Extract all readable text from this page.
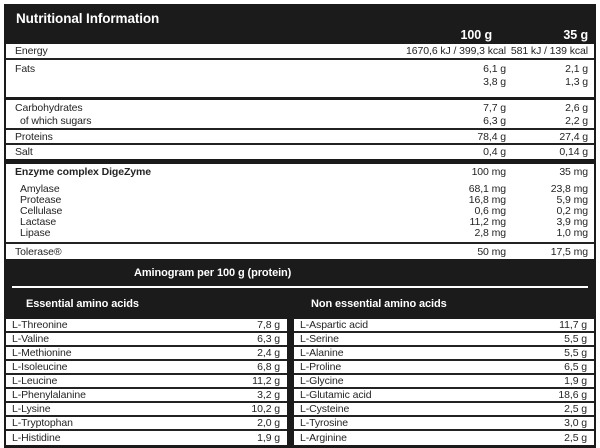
Nutritional Information
100 g	35 g
Energy	1670,6 kJ / 399,3 kcal 581 kJ / 139 kcal
Fats	6,1 g	2,1 g
3,8 g	1,3 g
Carbohydrates	7,7 g	2,6 g
of which sugars	6,3 g	2,2 g
Proteins	78,4 g	27,4 g
Salt	0,4 g	0,14 g
Enzyme complex DigeZyme	100 mg	35 mg
Amylase	68,1 mg	23,8 mg
Protease	16,8 mg	5,9 mg
Cellulase	0,6 mg	0,2 mg
Lactase	11,2 mg	3,9 mg
Lipase	2,8 mg	1,0 mg
Tolerase®	50 mg	17,5 mg
Aminogram per 100 g (protein)
Essential amino acids	Non essential amino acids
L-Threonine	7,8 g
L-Valine	6,3 g
L-Methionine	2,4 g
L-Isoleucine	6,8 g
L-Leucine	11,2 g
L-Phenylalanine	3,2 g
L-Lysine	10,2 g
L-Tryptophan	2,0 g
L-Histidine	1,9 g
L-Aspartic acid	11,7 g
L-Serine	5,5 g
L-Alanine	5,5 g
L-Proline	6,5 g
L-Glycine	1,9 g
L-Glutamic acid	18,6 g
L-Cysteine	2,5 g
L-Tyrosine	3,0 g
L-Arginine	2,5 g
